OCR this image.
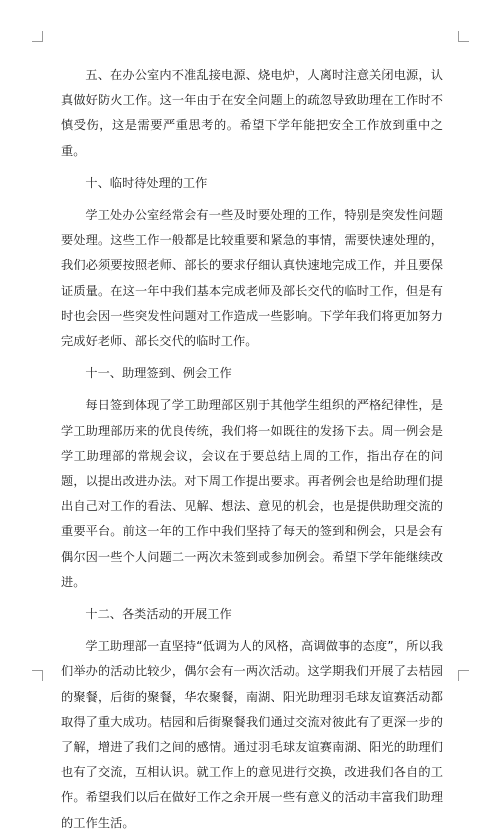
五、在办公室内不准乱接电源、烧电炉，人离时注意关闭电源，认真做好防火工作。这一年由于在安全问题上的疏忽导致助理在工作时不慎受伤，这是需要严重思考的。希望下学年能把安全工作放到重中之重。

十、临时待处理的工作

学工处办公室经常会有一些及时要处理的工作，特别是突发性问题要处理。这些工作一般都是比较重要和紧急的事情，需要快速处理的，我们必须要按照老师、部长的要求仔细认真快速地完成工作，并且要保证质量。在这一年中我们基本完成老师及部长交代的临时工作，但是有时也会因一些突发性问题对工作造成一些影响。下学年我们将更加努力完成好老师、部长交代的临时工作。

十一、助理签到、例会工作

每日签到体现了学工助理部区别于其他学生组织的严格纪律性，是学工助理部历来的优良传统，我们将一如既往的发扬下去。周一例会是学工助理部的常规会议，会议在于要总结上周的工作，指出存在的问题，以提出改进办法。对下周工作提出要求。再者例会也是给助理们提出自己对工作的看法、见解、想法、意见的机会，也是提供助理交流的重要平台。前这一年的工作中我们坚持了每天的签到和例会，只是会有偶尔因一些个人问题二一两次未签到或参加例会。希望下学年能继续改进。

十二、各类活动的开展工作

学工助理部一直坚持“低调为人的风格，高调做事的态度”，所以我们举办的活动比较少，偶尔会有一两次活动。这学期我们开展了去桔园的聚餐，后街的聚餐，华农聚餐，南湖、阳光助理羽毛球友谊赛活动都取得了重大成功。桔园和后街聚餐我们通过交流对彼此有了更深一步的了解，增进了我们之间的感情。通过羽毛球友谊赛南湖、阳光的助理们也有了交流，互相认识。就工作上的意见进行交换，改进我们各自的工作。希望我们以后在做好工作之余开展一些有意义的活动丰富我们助理的工作生活。
